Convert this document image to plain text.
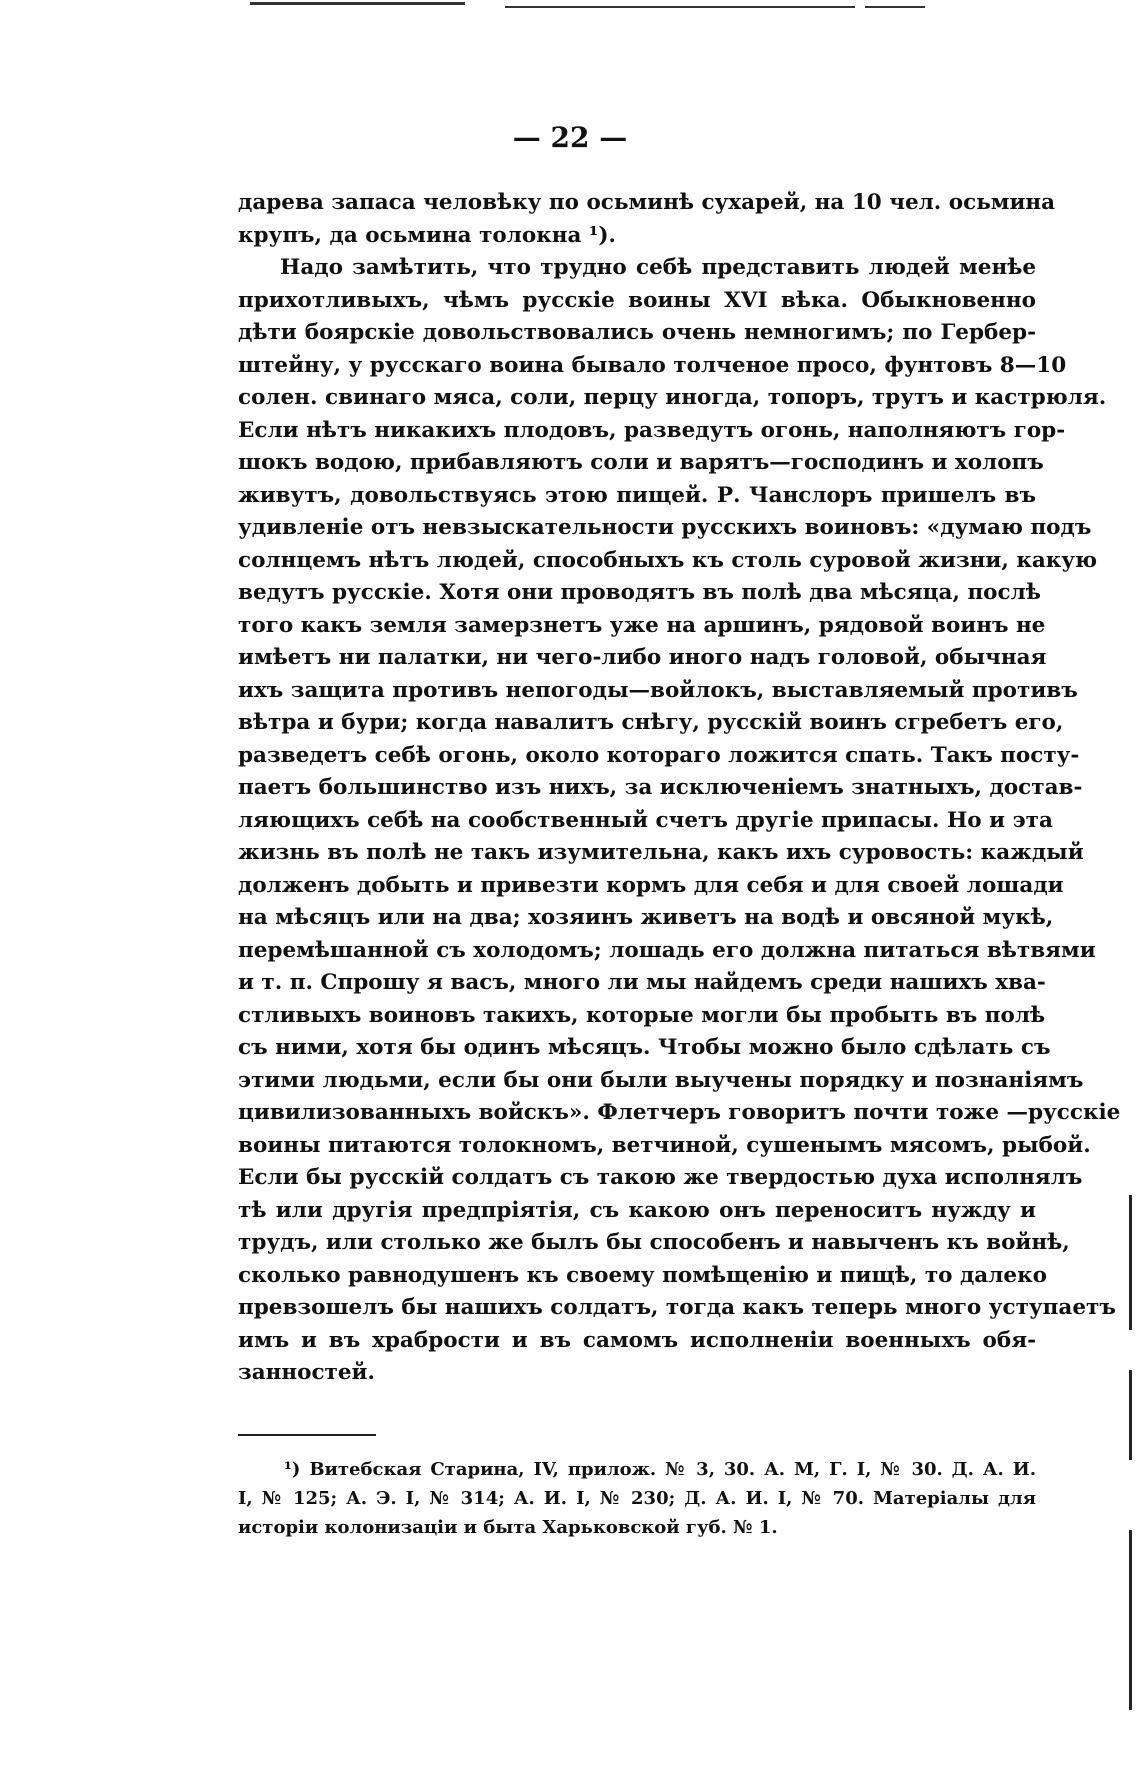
— 22 —
дарева запаса человѣку по осьминѣ сухарей, на 10 чел. осьмина
крупъ, да осьмина толокна ¹).
Надо замѣтить, что трудно себѣ представить людей менѣе
прихотливыхъ, чѣмъ русскіе воины XVI вѣка. Обыкновенно
дѣти боярскіе довольствовались очень немногимъ; по Гербер-
штейну, у русскаго воина бывало толченое просо, фунтовъ 8—10
солен. свинаго мяса, соли, перцу иногда, топоръ, трутъ и кастрюля.
Если нѣтъ никакихъ плодовъ, разведутъ огонь, наполняютъ гор-
шокъ водою, прибавляютъ соли и варятъ—господинъ и холопъ
живутъ, довольствуясь этою пищей. Р. Чанслоръ пришелъ въ
удивленіе отъ невзыскательности русскихъ воиновъ: «думаю подъ
солнцемъ нѣтъ людей, способныхъ къ столь суровой жизни, какую
ведутъ русскіе. Хотя они проводятъ въ полѣ два мѣсяца, послѣ
того какъ земля замерзнетъ уже на аршинъ, рядовой воинъ не
имѣетъ ни палатки, ни чего-либо иного надъ головой, обычная
ихъ защита противъ непогоды—войлокъ, выставляемый противъ
вѣтра и бури; когда навалитъ снѣгу, русскій воинъ сгребетъ его,
разведетъ себѣ огонь, около котораго ложится спать. Такъ посту-
паетъ большинство изъ нихъ, за исключеніемъ знатныхъ, достав-
ляющихъ себѣ на сообственный счетъ другіе припасы. Но и эта
жизнь въ полѣ не такъ изумительна, какъ ихъ суровость: каждый
долженъ добыть и привезти кормъ для себя и для своей лошади
на мѣсяцъ или на два; хозяинъ живетъ на водѣ и овсяной мукѣ,
перемѣшанной съ холодомъ; лошадь его должна питаться вѣтвями
и т. п. Спрошу я васъ, много ли мы найдемъ среди нашихъ хва-
стливыхъ воиновъ такихъ, которые могли бы пробыть въ полѣ
съ ними, хотя бы одинъ мѣсяцъ. Чтобы можно было сдѣлать съ
этими людьми, если бы они были выучены порядку и познаніямъ
цивилизованныхъ войскъ». Флетчеръ говоритъ почти тоже —русскіе
воины питаются толокномъ, ветчиной, сушенымъ мясомъ, рыбой.
Если бы русскій солдатъ съ такою же твердостью духа исполнялъ
тѣ или другія предпріятія, съ какою онъ переноситъ нужду и
трудъ, или столько же былъ бы способенъ и навыченъ къ войнѣ,
сколько равнодушенъ къ своему помѣщенію и пищѣ, то далеко
превзошелъ бы нашихъ солдатъ, тогда какъ теперь много уступаетъ
имъ и въ храбрости и въ самомъ исполненіи военныхъ обя-
занностей.
¹) Витебская Старина, IV, прилож. № 3, 30. А. М, Г. I, № 30. Д. А. И.
I, № 125; А. Э. I, № 314; А. И. I, № 230; Д. А. И. I, № 70. Матеріалы для
исторіи колонизаціи и быта Харьковской губ. № 1.
